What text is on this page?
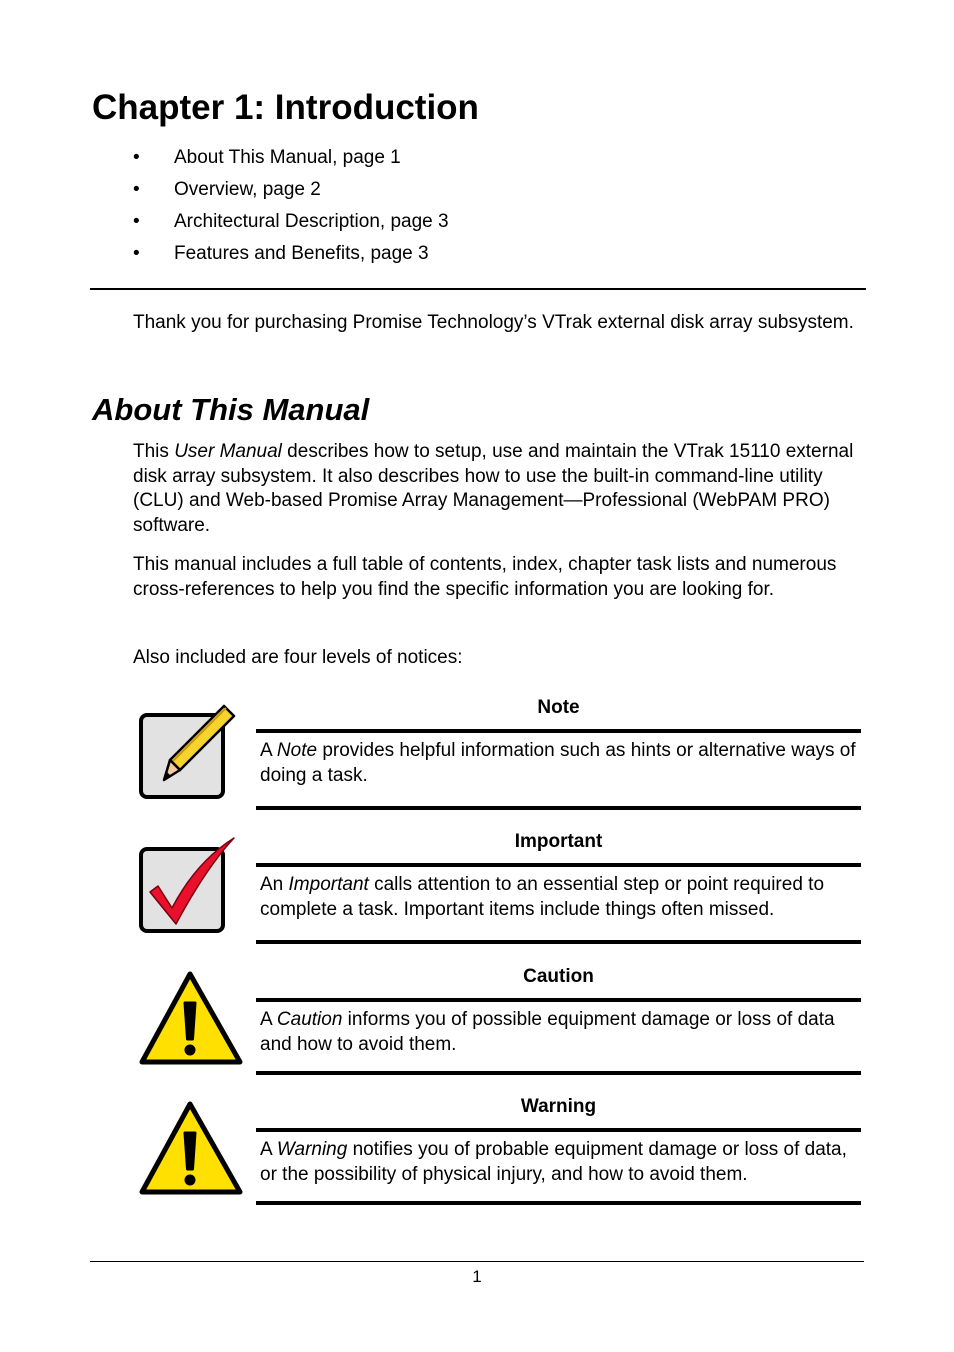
Chapter 1: Introduction
• About This Manual, page 1
• Overview, page 2
• Architectural Description, page 3
• Features and Benefits, page 3

Thank you for purchasing Promise Technology’s VTrak external disk array subsystem.

About This Manual

This User Manual describes how to setup, use and maintain the VTrak 15110 external disk array subsystem. It also describes how to use the built-in command-line utility (CLU) and Web-based Promise Array Management—Professional (WebPAM PRO) software.

This manual includes a full table of contents, index, chapter task lists and numerous cross-references to help you find the specific information you are looking for.

Also included are four levels of notices:

Note

A Note provides helpful information such as hints or alternative ways of doing a task.

Important

An Important calls attention to an essential step or point required to complete a task. Important items include things often missed.

Caution

A Caution informs you of possible equipment damage or loss of data and how to avoid them.

Warning

A Warning notifies you of probable equipment damage or loss of data, or the possibility of physical injury, and how to avoid them.

1
